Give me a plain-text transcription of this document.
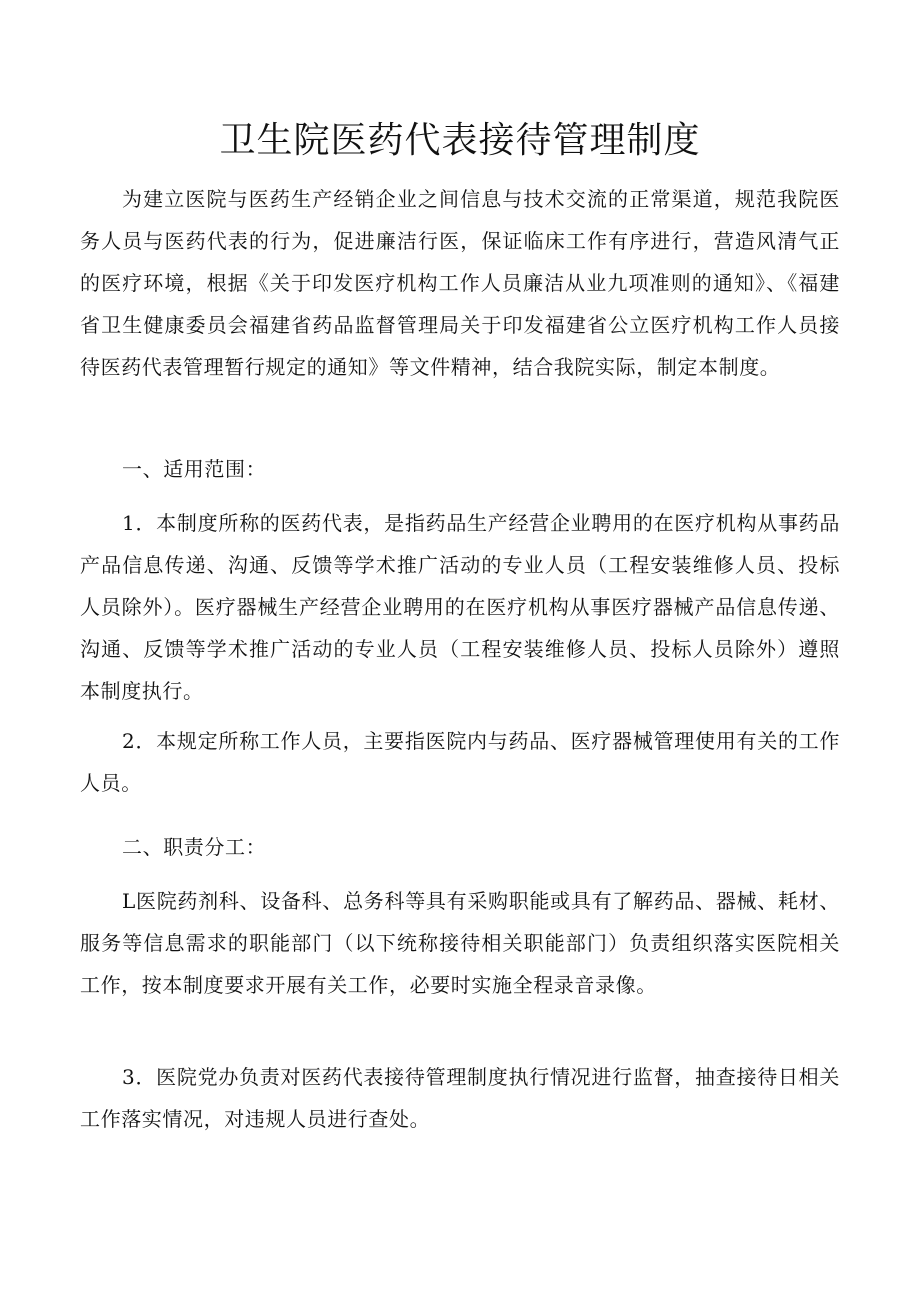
卫生院医药代表接待管理制度

为建立医院与医药生产经销企业之间信息与技术交流的正常渠道，规范我院医务人员与医药代表的行为，促进廉洁行医，保证临床工作有序进行，营造风清气正的医疗环境，根据《关于印发医疗机构工作人员廉洁从业九项准则的通知》、《福建省卫生健康委员会福建省药品监督管理局关于印发福建省公立医疗机构工作人员接待医药代表管理暂行规定的通知》等文件精神，结合我院实际，制定本制度。

一、适用范围：

1．本制度所称的医药代表，是指药品生产经营企业聘用的在医疗机构从事药品产品信息传递、沟通、反馈等学术推广活动的专业人员（工程安装维修人员、投标人员除外）。医疗器械生产经营企业聘用的在医疗机构从事医疗器械产品信息传递、沟通、反馈等学术推广活动的专业人员（工程安装维修人员、投标人员除外）遵照本制度执行。

2．本规定所称工作人员，主要指医院内与药品、医疗器械管理使用有关的工作人员。

二、职责分工：

L医院药剂科、设备科、总务科等具有采购职能或具有了解药品、器械、耗材、服务等信息需求的职能部门（以下统称接待相关职能部门）负责组织落实医院相关工作，按本制度要求开展有关工作，必要时实施全程录音录像。

3．医院党办负责对医药代表接待管理制度执行情况进行监督，抽查接待日相关工作落实情况，对违规人员进行查处。
